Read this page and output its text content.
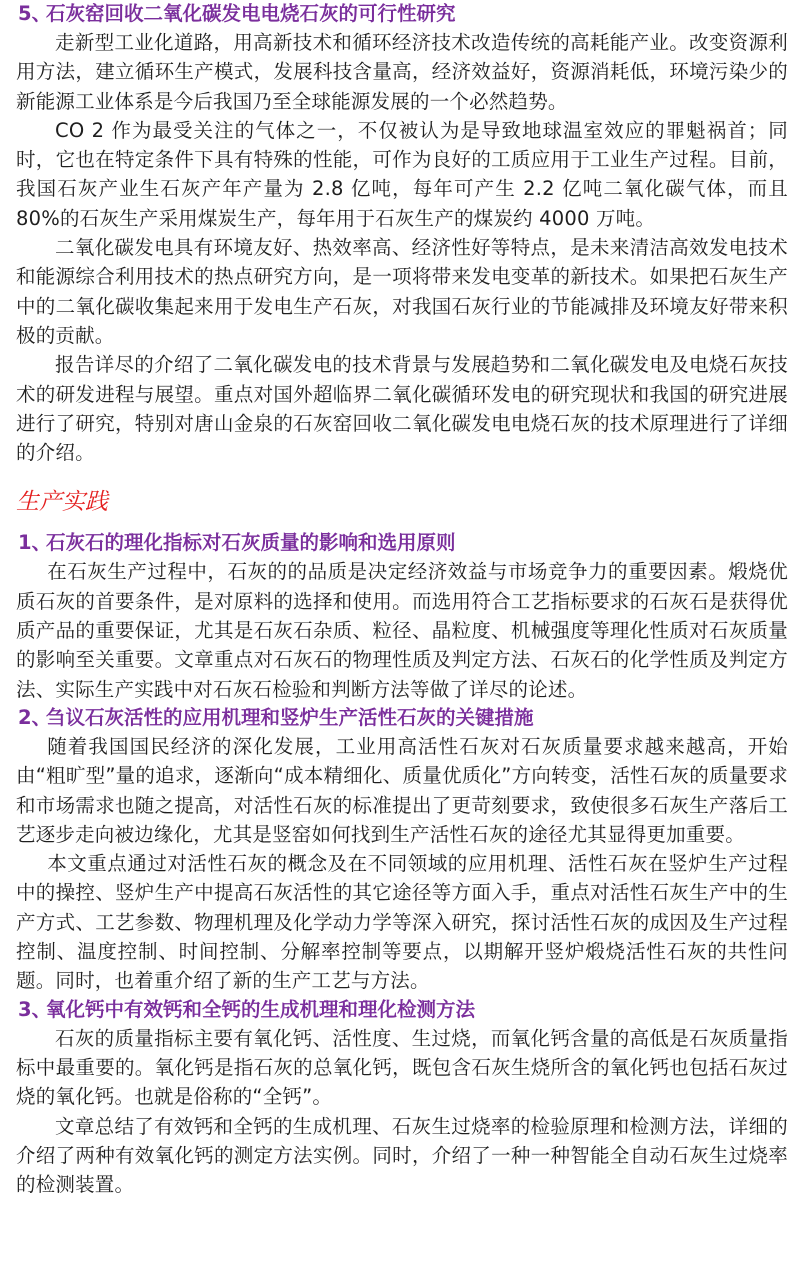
5、石灰窑回收二氧化碳发电电烧石灰的可行性研究

走新型工业化道路，用高新技术和循环经济技术改造传统的高耗能产业。改变资源利用方法，建立循环生产模式，发展科技含量高，经济效益好，资源消耗低，环境污染少的新能源工业体系是今后我国乃至全球能源发展的一个必然趋势。

CO 2 作为最受关注的气体之一，不仅被认为是导致地球温室效应的罪魁祸首；同时，它也在特定条件下具有特殊的性能，可作为良好的工质应用于工业生产过程。目前，我国石灰产业生石灰产年产量为 2.8 亿吨，每年可产生 2.2 亿吨二氧化碳气体，而且 80%的石灰生产采用煤炭生产，每年用于石灰生产的煤炭约 4000 万吨。

二氧化碳发电具有环境友好、热效率高、经济性好等特点，是未来清洁高效发电技术和能源综合利用技术的热点研究方向，是一项将带来发电变革的新技术。如果把石灰生产中的二氧化碳收集起来用于发电生产石灰，对我国石灰行业的节能减排及环境友好带来积极的贡献。

报告详尽的介绍了二氧化碳发电的技术背景与发展趋势和二氧化碳发电及电烧石灰技术的研发进程与展望。重点对国外超临界二氧化碳循环发电的研究现状和我国的研究进展进行了研究，特别对唐山金泉的石灰窑回收二氧化碳发电电烧石灰的技术原理进行了详细的介绍。

生产实践
1、石灰石的理化指标对石灰质量的影响和选用原则

在石灰生产过程中，石灰的的品质是决定经济效益与市场竞争力的重要因素。煅烧优质石灰的首要条件，是对原料的选择和使用。而选用符合工艺指标要求的石灰石是获得优质产品的重要保证，尤其是石灰石杂质、粒径、晶粒度、机械强度等理化性质对石灰质量的影响至关重要。文章重点对石灰石的物理性质及判定方法、石灰石的化学性质及判定方法、实际生产实践中对石灰石检验和判断方法等做了详尽的论述。

2、刍议石灰活性的应用机理和竖炉生产活性石灰的关键措施

随着我国国民经济的深化发展，工业用高活性石灰对石灰质量要求越来越高，开始由“粗旷型”量的追求，逐渐向“成本精细化、质量优质化”方向转变，活性石灰的质量要求和市场需求也随之提高，对活性石灰的标准提出了更苛刻要求，致使很多石灰生产落后工艺逐步走向被边缘化，尤其是竖窑如何找到生产活性石灰的途径尤其显得更加重要。

本文重点通过对活性石灰的概念及在不同领域的应用机理、活性石灰在竖炉生产过程中的操控、竖炉生产中提高石灰活性的其它途径等方面入手，重点对活性石灰生产中的生产方式、工艺参数、物理机理及化学动力学等深入研究，探讨活性石灰的成因及生产过程控制、温度控制、时间控制、分解率控制等要点，以期解开竖炉煅烧活性石灰的共性问题。同时，也着重介绍了新的生产工艺与方法。

3、氧化钙中有效钙和全钙的生成机理和理化检测方法

石灰的质量指标主要有氧化钙、活性度、生过烧，而氧化钙含量的高低是石灰质量指标中最重要的。氧化钙是指石灰的总氧化钙，既包含石灰生烧所含的氧化钙也包括石灰过烧的氧化钙。也就是俗称的“全钙”。

文章总结了有效钙和全钙的生成机理、石灰生过烧率的检验原理和检测方法，详细的介绍了两种有效氧化钙的测定方法实例。同时，介绍了一种一种智能全自动石灰生过烧率的检测装置。
